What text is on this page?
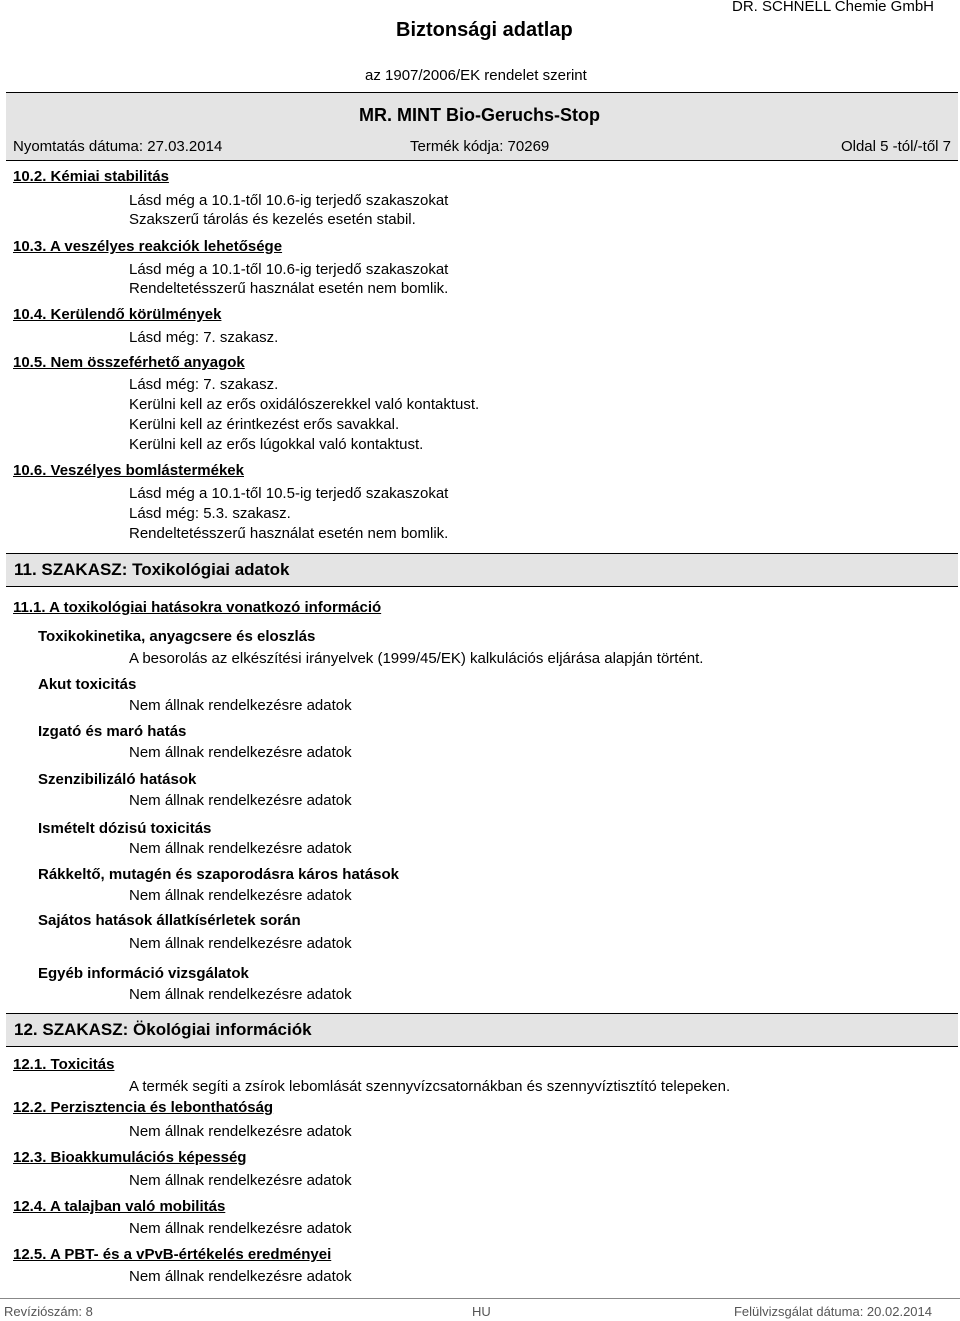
Biztonsági adatlap
DR. SCHNELL Chemie GmbH
az 1907/2006/EK rendelet szerint
MR. MINT Bio-Geruchs-Stop
Nyomtatás dátuma: 27.03.2014	Termék kódja: 70269	Oldal 5 -tól/-től 7
10.2. Kémiai stabilitás
Lásd még a 10.1-től 10.6-ig terjedő szakaszokat
Szakszerű tárolás és kezelés esetén stabil.
10.3. A veszélyes reakciók lehetősége
Lásd még a 10.1-től 10.6-ig terjedő szakaszokat
Rendeltetésszerű használat esetén nem bomlik.
10.4. Kerülendő körülmények
Lásd még: 7. szakasz.
10.5. Nem összeférhető anyagok
Lásd még: 7. szakasz.
Kerülni kell az erős oxidálószerekkel való kontaktust.
Kerülni kell az érintkezést erős savakkal.
Kerülni kell az erős lúgokkal való kontaktust.
10.6. Veszélyes bomlástermékek
Lásd még a 10.1-től 10.5-ig terjedő szakaszokat
Lásd még: 5.3. szakasz.
Rendeltetésszerű használat esetén nem bomlik.
11. SZAKASZ: Toxikológiai adatok
11.1. A toxikológiai hatásokra vonatkozó információ
Toxikokinetika, anyagcsere és eloszlás
A besorolás az elkészítési irányelvek (1999/45/EK) kalkulációs eljárása alapján történt.
Akut toxicitás
Nem állnak rendelkezésre adatok
Izgató és maró hatás
Nem állnak rendelkezésre adatok
Szenzibilizáló hatások
Nem állnak rendelkezésre adatok
Ismételt dózisú toxicitás
Nem állnak rendelkezésre adatok
Rákkeltő, mutagén és szaporodásra káros hatások
Nem állnak rendelkezésre adatok
Sajátos hatások állatkísérletek során
Nem állnak rendelkezésre adatok
Egyéb információ vizsgálatok
Nem állnak rendelkezésre adatok
12. SZAKASZ: Ökológiai információk
12.1. Toxicitás
A termék segíti a zsírok lebomlását szennyvízcsatornákban és szennyvíztisztító telepeken.
12.2. Perzisztencia és lebonthatóság
Nem állnak rendelkezésre adatok
12.3. Bioakkumulációs képesség
Nem állnak rendelkezésre adatok
12.4. A talajban való mobilitás
Nem állnak rendelkezésre adatok
12.5. A PBT- és a vPvB-értékelés eredményei
Nem állnak rendelkezésre adatok
Revíziószám: 8	HU	Felülvizsgálat dátuma: 20.02.2014
